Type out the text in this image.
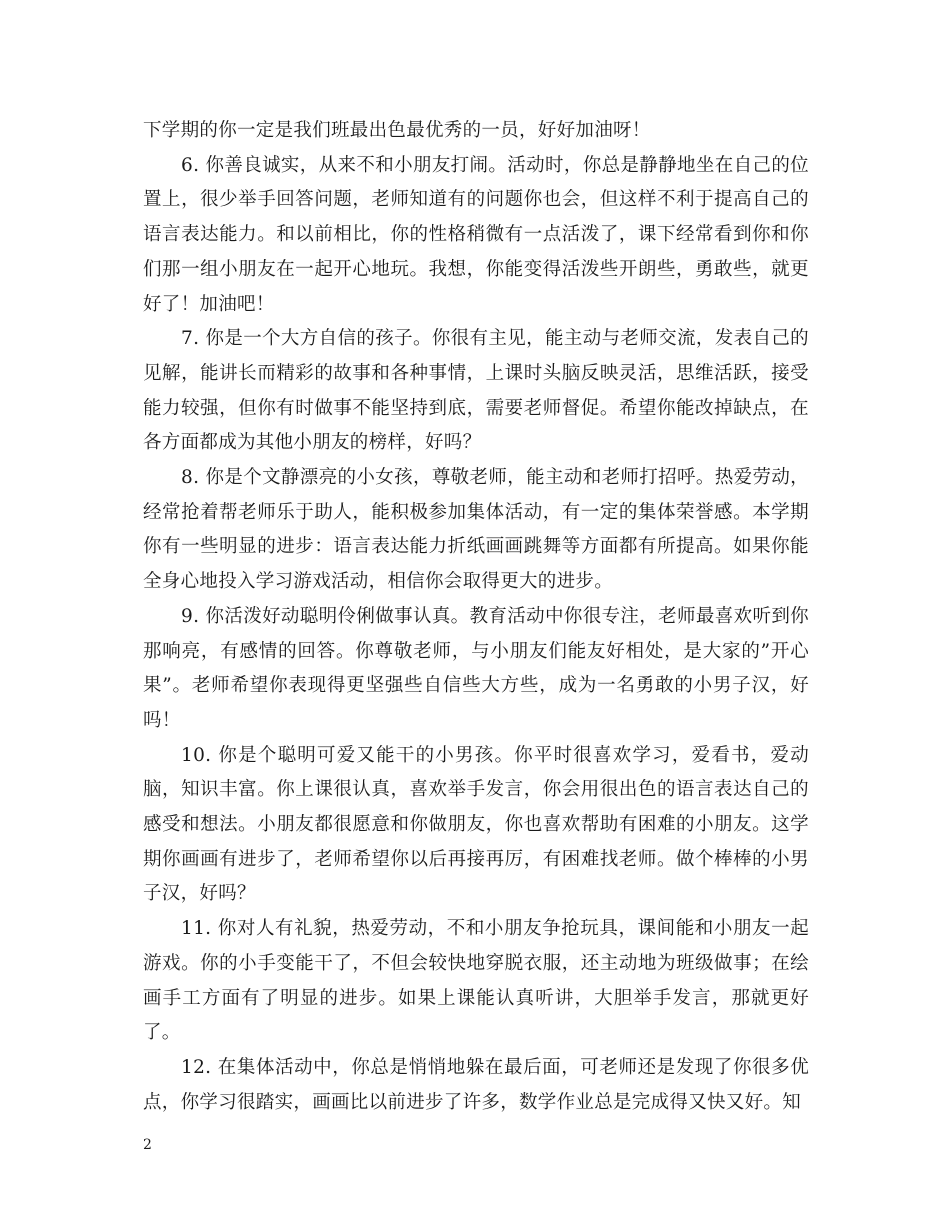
下学期的你一定是我们班最出色最优秀的一员，好好加油呀！

6. 你善良诚实，从来不和小朋友打闹。活动时，你总是静静地坐在自己的位置上，很少举手回答问题，老师知道有的问题你也会，但这样不利于提高自己的语言表达能力。和以前相比，你的性格稍微有一点活泼了，课下经常看到你和你们那一组小朋友在一起开心地玩。我想，你能变得活泼些开朗些，勇敢些，就更好了！加油吧！

7. 你是一个大方自信的孩子。你很有主见，能主动与老师交流，发表自己的见解，能讲长而精彩的故事和各种事情，上课时头脑反映灵活，思维活跃，接受能力较强，但你有时做事不能坚持到底，需要老师督促。希望你能改掉缺点，在各方面都成为其他小朋友的榜样，好吗？

8. 你是个文静漂亮的小女孩，尊敬老师，能主动和老师打招呼。热爱劳动，经常抢着帮老师乐于助人，能积极参加集体活动，有一定的集体荣誉感。本学期你有一些明显的进步：语言表达能力折纸画画跳舞等方面都有所提高。如果你能全身心地投入学习游戏活动，相信你会取得更大的进步。

9. 你活泼好动聪明伶俐做事认真。教育活动中你很专注，老师最喜欢听到你那响亮，有感情的回答。你尊敬老师，与小朋友们能友好相处，是大家的”开心果”。老师希望你表现得更坚强些自信些大方些，成为一名勇敢的小男子汉，好吗！

10. 你是个聪明可爱又能干的小男孩。你平时很喜欢学习，爱看书，爱动脑，知识丰富。你上课很认真，喜欢举手发言，你会用很出色的语言表达自己的感受和想法。小朋友都很愿意和你做朋友，你也喜欢帮助有困难的小朋友。这学期你画画有进步了，老师希望你以后再接再厉，有困难找老师。做个棒棒的小男子汉，好吗？

11. 你对人有礼貌，热爱劳动，不和小朋友争抢玩具，课间能和小朋友一起游戏。你的小手变能干了，不但会较快地穿脱衣服，还主动地为班级做事；在绘画手工方面有了明显的进步。如果上课能认真听讲，大胆举手发言，那就更好了。

12. 在集体活动中，你总是悄悄地躲在最后面，可老师还是发现了你很多优点，你学习很踏实，画画比以前进步了许多，数学作业总是完成得又快又好。知

2
